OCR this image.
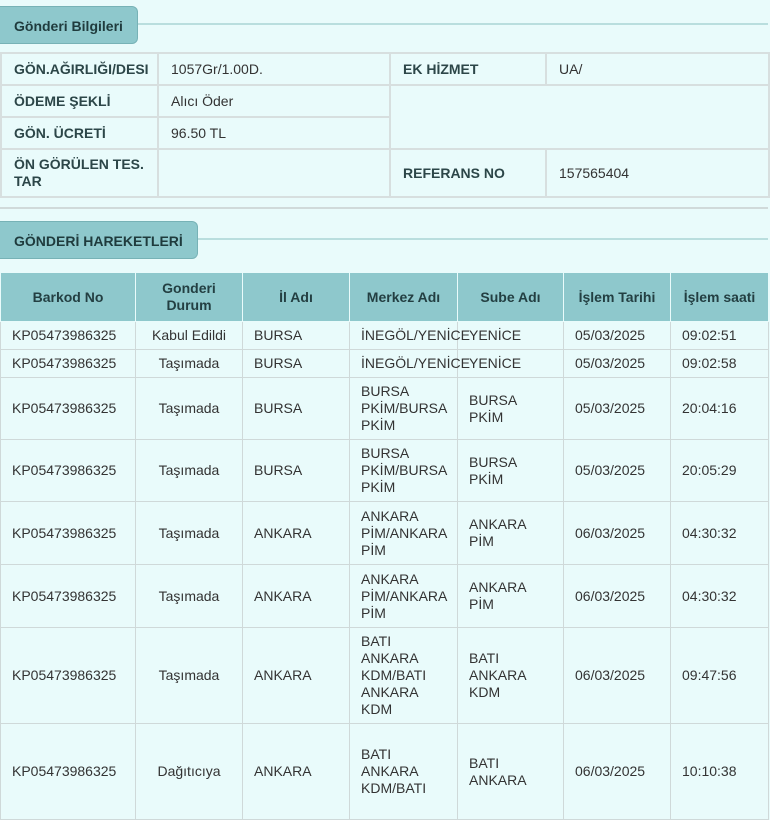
Gönderi Bilgileri
GÖN.AĞIRLIĞI/DESI	1057Gr/1.00D.	EK HİZMET	UA/
ÖDEME ŞEKLİ	Alıcı Öder		
GÖN. ÜCRETİ	96.50 TL		
ÖN GÖRÜLEN TES.
TAR		REFERANS NO	157565404
GÖNDERİ HAREKETLERİ
Barkod No	Gonderi Durum	İl Adı	Merkez Adı	Sube Adı	İşlem Tarihi	İşlem saati
KP05473986325	Kabul Edildi	BURSA	İNEGÖL/YENİCE	YENİCE	05/03/2025	09:02:51
KP05473986325	Taşımada	BURSA	İNEGÖL/YENİCE	YENİCE	05/03/2025	09:02:58
KP05473986325	Taşımada	BURSA	BURSA PKİM/BURSA PKİM	BURSA PKİM	05/03/2025	20:04:16
KP05473986325	Taşımada	BURSA	BURSA PKİM/BURSA PKİM	BURSA PKİM	05/03/2025	20:05:29
KP05473986325	Taşımada	ANKARA	ANKARA PİM/ANKARA PİM	ANKARA PİM	06/03/2025	04:30:32
KP05473986325	Taşımada	ANKARA	ANKARA PİM/ANKARA PİM	ANKARA PİM	06/03/2025	04:30:32
KP05473986325	Taşımada	ANKARA	BATI ANKARA KDM/BATI ANKARA KDM	BATI ANKARA KDM	06/03/2025	09:47:56
KP05473986325	Dağıtıcıya	ANKARA	BATI ANKARA KDM/BATI	BATI ANKARA	06/03/2025	10:10:38
